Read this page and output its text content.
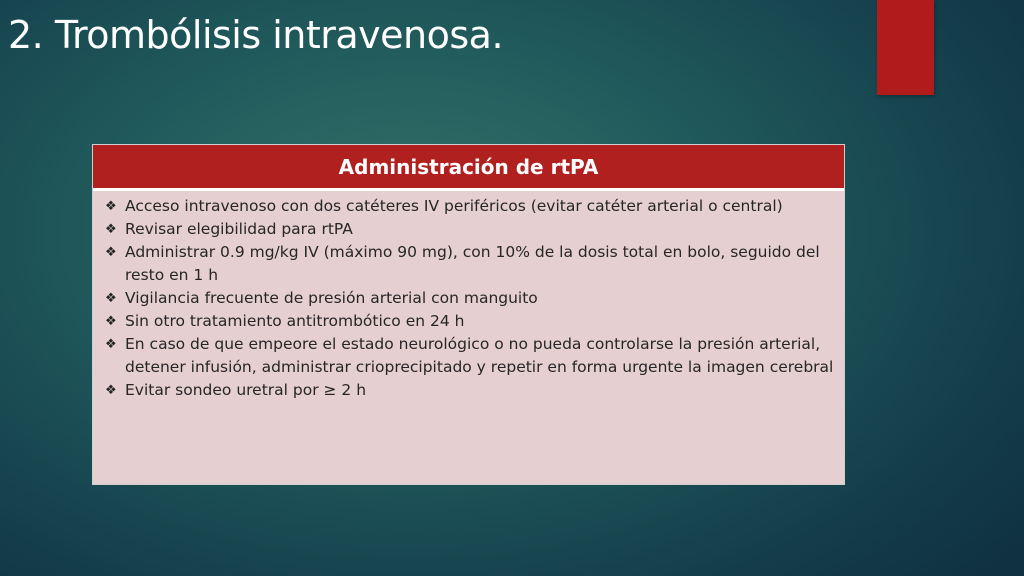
2. Trombólisis intravenosa.
Administración de rtPA
❖ Acceso intravenoso con dos catéteres IV periféricos (evitar catéter arterial o central)
❖ Revisar elegibilidad para rtPA
❖ Administrar 0.9 mg/kg IV (máximo 90 mg), con 10% de la dosis total en bolo, seguido del resto en 1 h
❖ Vigilancia frecuente de presión arterial con manguito
❖ Sin otro tratamiento antitrombótico en 24 h
❖ En caso de que empeore el estado neurológico o no pueda controlarse la presión arterial, detener infusión, administrar crioprecipitado y repetir en forma urgente la imagen cerebral
❖ Evitar sondeo uretral por ≥ 2 h
